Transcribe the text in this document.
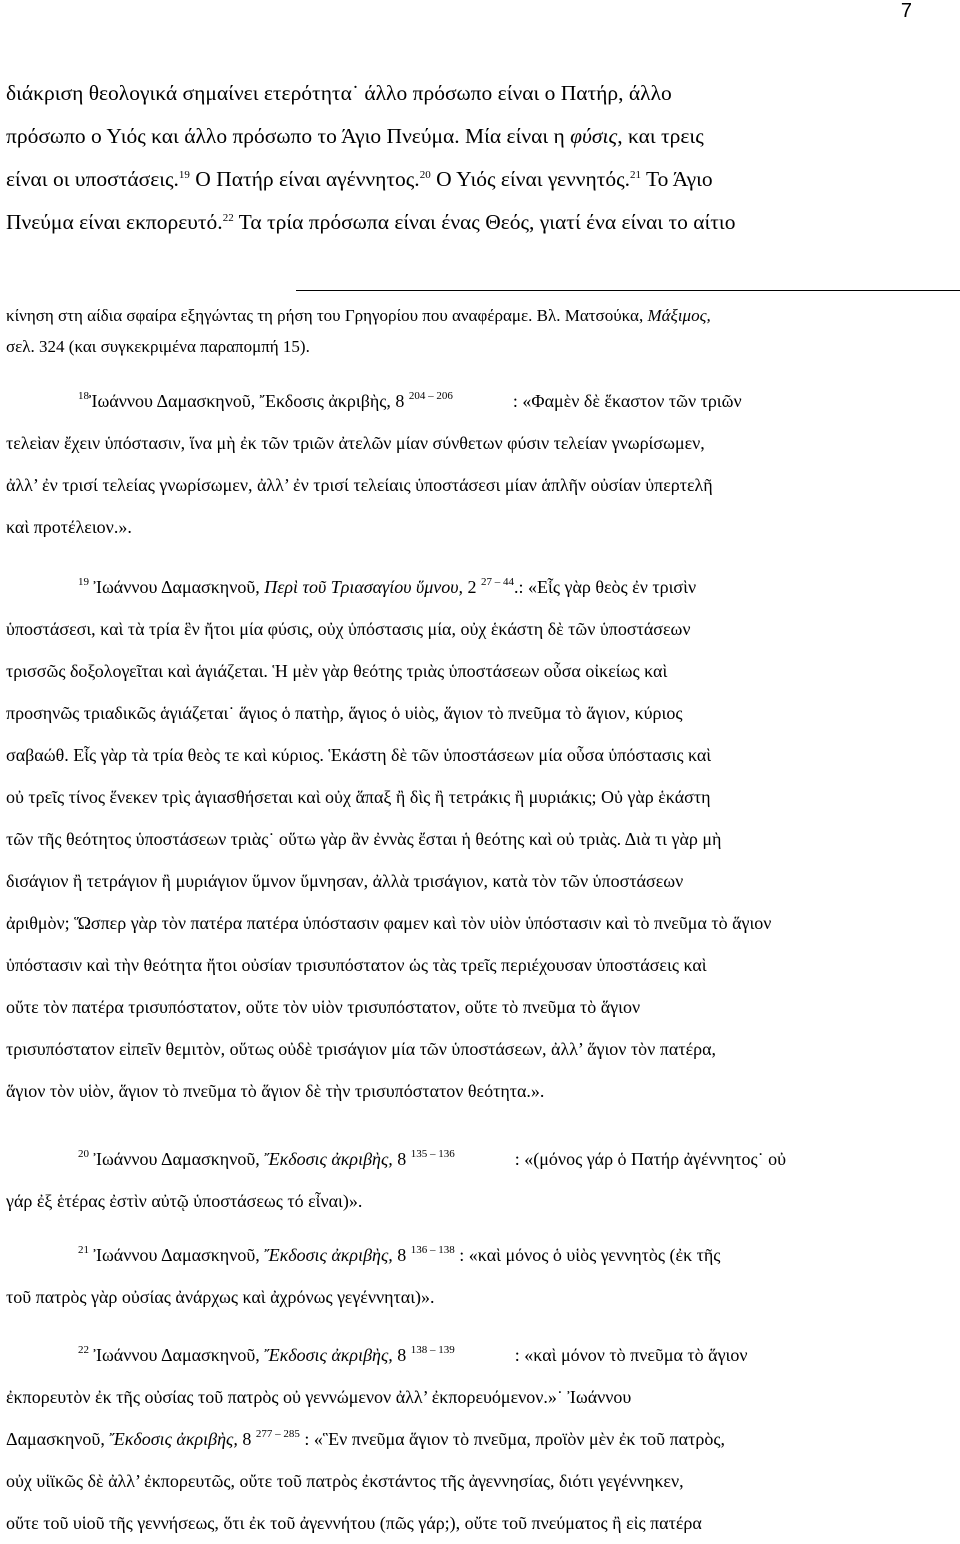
7
διάκριση θεολογικά σημαίνει ετερότητα˙ άλλο πρόσωπο είναι ο Πατήρ, άλλο
πρόσωπο ο Υιός και άλλο πρόσωπο το Άγιο Πνεύμα. Μία είναι η φύσις, και τρεις
είναι οι υποστάσεις.$^{19}$ Ο Πατήρ είναι αγέννητος.$^{20}$ Ο Υιός είναι γεννητός.$^{21}$ Το Άγιο
Πνεύμα είναι εκπορευτό.$^{22}$ Τα τρία πρόσωπα είναι ένας Θεός, γιατί ένα είναι το αίτιο
κίνηση στη αίδια σφαίρα εξηγώντας τη ρήση του Γρηγορίου που αναφέραμε. Βλ. Ματσούκα, Μάξιμος,
σελ. 324 (και συγκεκριμένα παραπομπή 15).
$^{18}$Ἰωάννου Δαμασκηνοῦ, Ἔκδοσις ἀκριβὴς, 8 $^{204 - 206}$	: «Φαμὲν δὲ ἕκαστον τῶν τριῶν
τελεὶαν ἔχειν ὑπόστασιν, ἵνα μὴ ἐκ τῶν τριῶν ἀτελῶν μίαν σύνθετων φύσιν τελείαν γνωρίσωμεν,
ἀλλ’ ἐν τρισί τελείας γνωρίσωμεν, ἀλλ’ ἐν τρισί τελείαις ὑποστάσεσι μίαν ἁπλῆν οὐσίαν ὑπερτελῆ
καὶ προτέλειον.».
$^{19}$ Ἰωάννου Δαμασκηνοῦ, Περὶ τοῦ Τριασαγίου ὕμνου, 2 $^{27 - 44}$.: «Εἷς γὰρ θεὸς ἐν τρισὶν
ὑποστάσεσι, καὶ τὰ τρία ἓν ἤτοι μία φύσις, οὐχ ὑπόστασις μία, οὐχ ἑκάστη δὲ τῶν ὑποστάσεων
τρισσῶς δοξολογεῖται καὶ ἁγιάζεται. Ἡ μὲν γὰρ θεότης τριὰς ὑποστάσεων οὖσα οἰκείως καὶ
προσηνῶς τριαδικῶς ἁγιάζεται˙ ἅγιος ὁ πατὴρ, ἅγιος ὁ υἱὸς, ἅγιον τὸ πνεῦμα τὸ ἅγιον, κύριος
σαβαώθ. Εἷς γὰρ τὰ τρία θεὸς τε καὶ κύριος. Ἑκάστη δὲ τῶν ὑποστάσεων μία οὖσα ὑπόστασις καὶ
οὐ τρεῖς τίνος ἕνεκεν τρὶς ἁγιασθήσεται καὶ οὐχ ἅπαξ ἢ δὶς ἢ τετράκις ἢ μυριάκις; Οὐ γὰρ ἑκάστη
τῶν τῆς θεότητος ὑποστάσεων τριὰς˙ οὕτω γὰρ ἂν ἐννὰς ἔσται ἡ θεότης καὶ οὐ τριὰς. Διὰ τι γὰρ μὴ
δισάγιον ἢ τετράγιον ἢ μυριάγιον ὕμνον ὕμνησαν, ἀλλὰ τρισάγιον, κατὰ τὸν τῶν ὑποστάσεων
ἀριθμὸν; Ὥσπερ γὰρ τὸν πατέρα πατέρα ὑπόστασιν φαμεν καὶ τὸν υἱὸν ὑπόστασιν καὶ τὸ πνεῦμα τὸ ἅγιον
ὑπόστασιν καὶ τὴν θεότητα ἤτοι οὐσίαν τρισυπόστατον ὡς τὰς τρεῖς περιέχουσαν ὑποστάσεις καὶ
οὔτε τὸν πατέρα τρισυπόστατον, οὔτε τὸν υἱὸν τρισυπόστατον, οὔτε τὸ πνεῦμα τὸ ἅγιον
τρισυπόστατον εἰπεῖν θεμιτὸν, οὕτως οὐδὲ τρισάγιον μία τῶν ὑποστάσεων, ἀλλ’ ἅγιον τὸν πατέρα,
ἅγιον τὸν υἱὸν, ἅγιον τὸ πνεῦμα τὸ ἅγιον δὲ τὴν τρισυπόστατον θεότητα.».
$^{20}$ Ἰωάννου Δαμασκηνοῦ, Ἔκδοσις ἀκριβὴς, 8 $^{135 - 136}$	: «(μόνος γάρ ὁ Πατήρ ἀγέννητος˙ οὐ
γάρ ἐξ ἑτέρας ἐστὶν αὐτῷ ὑποστάσεως τό εἶναι)».
$^{21}$ Ἰωάννου Δαμασκηνοῦ, Ἔκδοσις ἀκριβὴς, 8 $^{136 - 138}$ : «καὶ μόνος ὁ υἱὸς γεννητὸς (ἐκ τῆς
τοῦ πατρὸς γὰρ οὐσίας ἀνάρχως καὶ ἀχρόνως γεγέννηται)».
$^{22}$ Ἰωάννου Δαμασκηνοῦ, Ἔκδοσις ἀκριβὴς, 8 $^{138 - 139}$	: «καὶ μόνον τὸ πνεῦμα τὸ ἅγιον
ἐκπορευτὸν ἐκ τῆς οὐσίας τοῦ πατρὸς οὐ γεννώμενον ἀλλ’ ἐκπορευόμενον.»˙ Ἰωάννου
Δαμασκηνοῦ, Ἔκδοσις ἀκριβὴς, 8 $^{277 - 285}$ : «Ἓν πνεῦμα ἅγιον τὸ πνεῦμα, προϊὸν μὲν ἐκ τοῦ πατρὸς,
οὐχ υἱϊκῶς δὲ ἀλλ’ ἐκπορευτῶς, οὔτε τοῦ πατρὸς ἐκστάντος τῆς ἀγεννησίας, διότι γεγέννηκεν,
οὔτε τοῦ υἱοῦ τῆς γεννήσεως, ὅτι ἐκ τοῦ ἀγεννήτου (πῶς γάρ;), οὔτε τοῦ πνεύματος ἢ εἰς πατέρα
